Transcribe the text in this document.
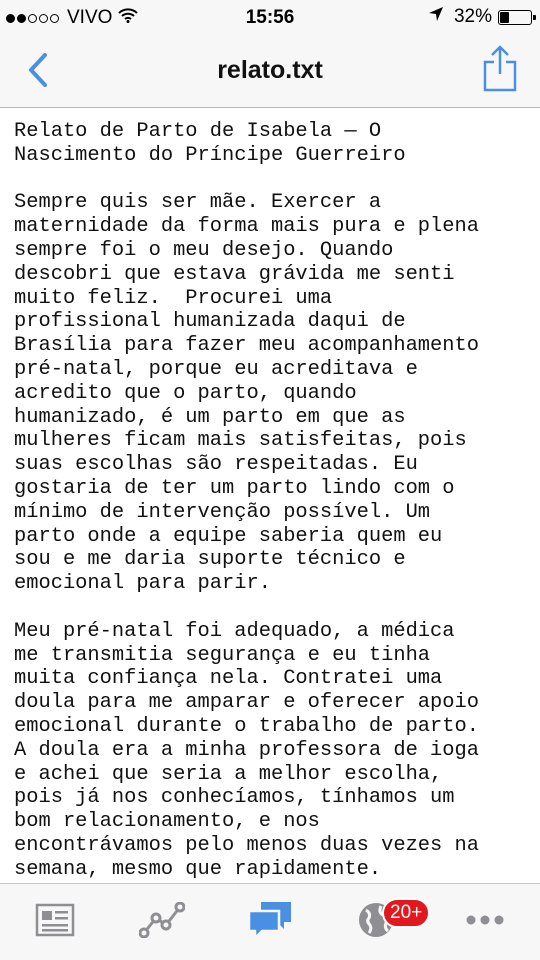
VIVO	15:56	32%
relato.txt
Relato de Parto de Isabela — O
Nascimento do Príncipe Guerreiro

Sempre quis ser mãe. Exercer a
maternidade da forma mais pura e plena
sempre foi o meu desejo. Quando
descobri que estava grávida me senti
muito feliz.  Procurei uma
profissional humanizada daqui de
Brasília para fazer meu acompanhamento
pré-natal, porque eu acreditava e
acredito que o parto, quando
humanizado, é um parto em que as
mulheres ficam mais satisfeitas, pois
suas escolhas são respeitadas. Eu
gostaria de ter um parto lindo com o
mínimo de intervenção possível. Um
parto onde a equipe saberia quem eu
sou e me daria suporte técnico e
emocional para parir.

Meu pré-natal foi adequado, a médica
me transmitia segurança e eu tinha
muita confiança nela. Contratei uma
doula para me amparar e oferecer apoio
emocional durante o trabalho de parto.
A doula era a minha professora de ioga
e achei que seria a melhor escolha,
pois já nos conhecíamos, tínhamos um
bom relacionamento, e nos
encontrávamos pelo menos duas vezes na
semana, mesmo que rapidamente.

20+
